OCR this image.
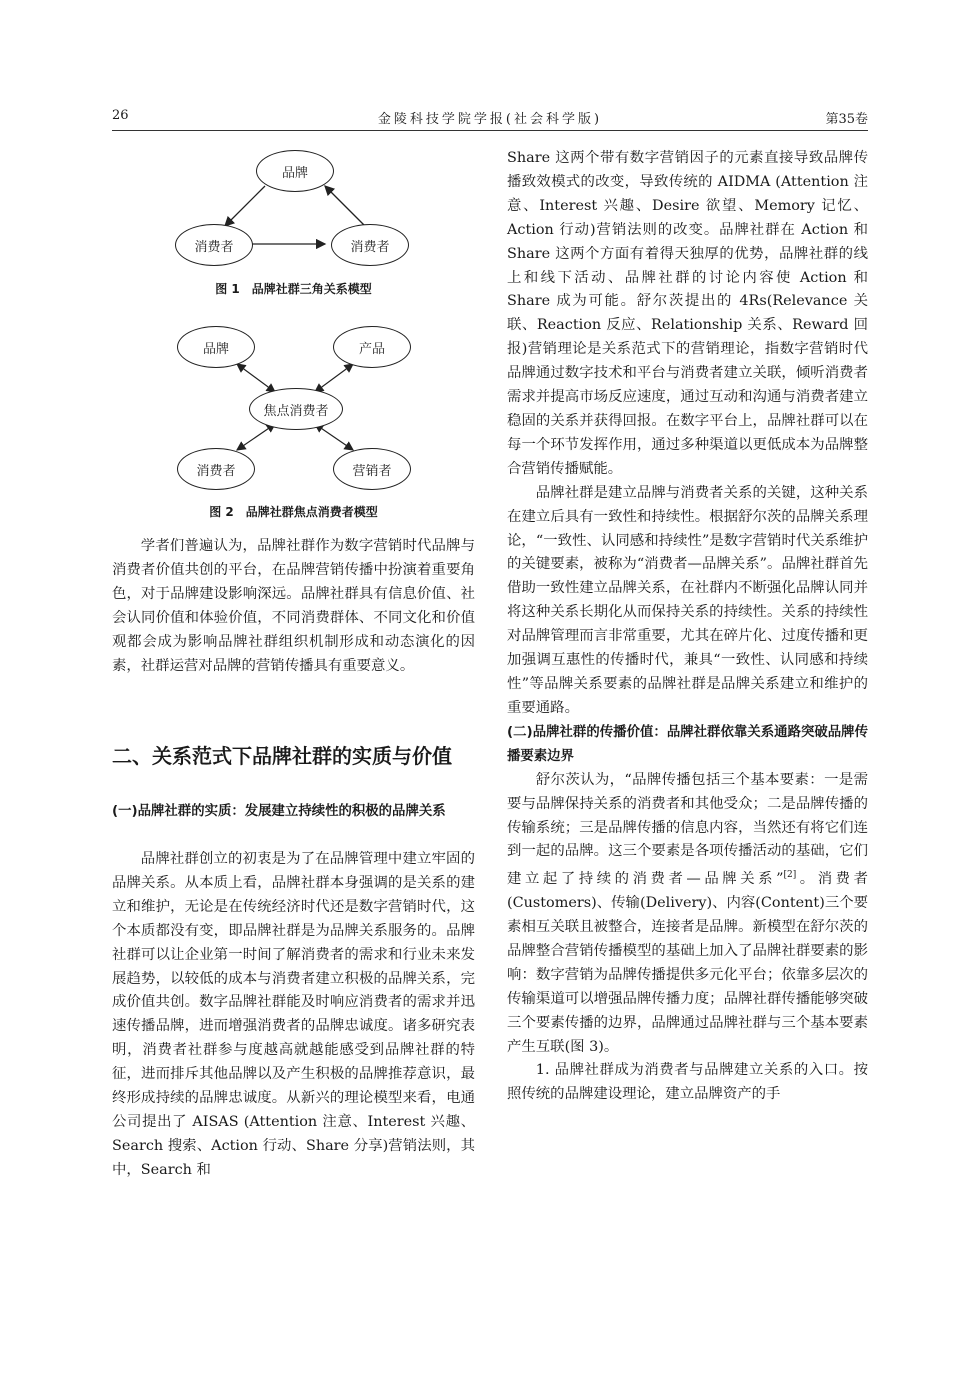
26	金陵科技学院学报(社会科学版)	第35卷
品牌
消费者	消费者
图 1　品牌社群三角关系模型
品牌	产品
焦点消费者
消费者	营销者
图 2　品牌社群焦点消费者模型

学者们普遍认为，品牌社群作为数字营销时代品牌与消费者价值共创的平台，在品牌营销传播中扮演着重要角色，对于品牌建设影响深远。品牌社群具有信息价值、社会认同价值和体验价值，不同消费群体、不同文化和价值观都会成为影响品牌社群组织机制形成和动态演化的因素，社群运营对品牌的营销传播具有重要意义。

二、关系范式下品牌社群的实质与价值
(一)品牌社群的实质：发展建立持续性的积极的品牌关系

品牌社群创立的初衷是为了在品牌管理中建立牢固的品牌关系。从本质上看，品牌社群本身强调的是关系的建立和维护，无论是在传统经济时代还是数字营销时代，这个本质都没有变，即品牌社群是为品牌关系服务的。品牌社群可以让企业第一时间了解消费者的需求和行业未来发展趋势，以较低的成本与消费者建立积极的品牌关系，完成价值共创。数字品牌社群能及时响应消费者的需求并迅速传播品牌，进而增强消费者的品牌忠诚度。诸多研究表明，消费者社群参与度越高就越能感受到品牌社群的特征，进而排斥其他品牌以及产生积极的品牌推荐意识，最终形成持续的品牌忠诚度。从新兴的理论模型来看，电通公司提出了 AISAS (Attention 注意、Interest 兴趣、Search 搜索、Action 行动、Share 分享)营销法则，其中，Search 和

Share 这两个带有数字营销因子的元素直接导致品牌传播致效模式的改变，导致传统的 AIDMA (Attention 注意、Interest 兴趣、Desire 欲望、Memory 记忆、Action 行动)营销法则的改变。品牌社群在 Action 和 Share 这两个方面有着得天独厚的优势，品牌社群的线上和线下活动、品牌社群的讨论内容使 Action 和 Share 成为可能。舒尔茨提出的 4Rs(Relevance 关联、Reaction 反应、Relationship 关系、Reward 回报)营销理论是关系范式下的营销理论，指数字营销时代品牌通过数字技术和平台与消费者建立关联，倾听消费者需求并提高市场反应速度，通过互动和沟通与消费者建立稳固的关系并获得回报。在数字平台上，品牌社群可以在每一个环节发挥作用，通过多种渠道以更低成本为品牌整合营销传播赋能。

品牌社群是建立品牌与消费者关系的关键，这种关系在建立后具有一致性和持续性。根据舒尔茨的品牌关系理论，“一致性、认同感和持续性”是数字营销时代关系维护的关键要素，被称为“消费者—品牌关系”。品牌社群首先借助一致性建立品牌关系，在社群内不断强化品牌认同并将这种关系长期化从而保持关系的持续性。关系的持续性对品牌管理而言非常重要，尤其在碎片化、过度传播和更加强调互惠性的传播时代，兼具“一致性、认同感和持续性”等品牌关系要素的品牌社群是品牌关系建立和维护的重要通路。

(二)品牌社群的传播价值：品牌社群依靠关系通路突破品牌传播要素边界

舒尔茨认为，“品牌传播包括三个基本要素：一是需要与品牌保持关系的消费者和其他受众；二是品牌传播的传输系统；三是品牌传播的信息内容，当然还有将它们连到一起的品牌。这三个要素是各项传播活动的基础，它们建立起了持续的消费者—品牌关系”[2]。消费者(Customers)、传输(Delivery)、内容(Content)三个要素相互关联且被整合，连接者是品牌。新模型在舒尔茨的品牌整合营销传播模型的基础上加入了品牌社群要素的影响：数字营销为品牌传播提供多元化平台；依靠多层次的传输渠道可以增强品牌传播力度；品牌社群传播能够突破三个要素传播的边界，品牌通过品牌社群与三个基本要素产生互联(图 3)。

1. 品牌社群成为消费者与品牌建立关系的入口。按照传统的品牌建设理论，建立品牌资产的手
